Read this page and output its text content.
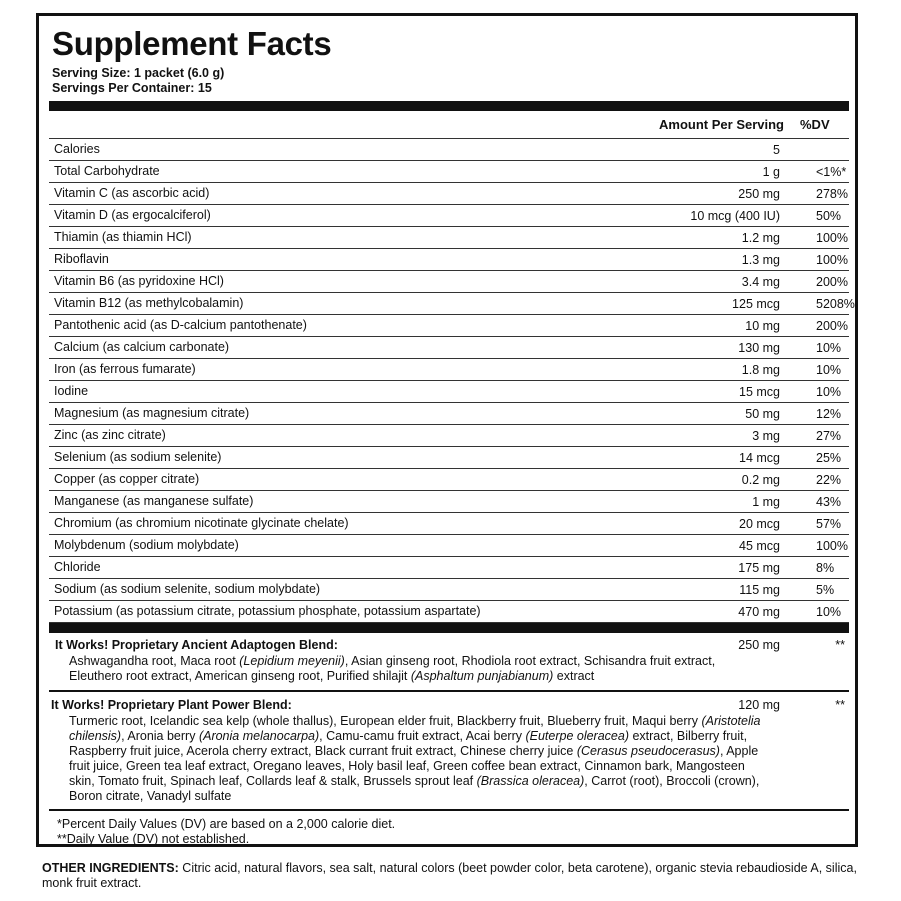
Supplement Facts
Serving Size: 1 packet (6.0 g)
Servings Per Container: 15
Amount Per Serving %DV
Calories	5
Total Carbohydrate	1 g	<1%*
Vitamin C (as ascorbic acid)	250 mg	278%
Vitamin D (as ergocalciferol)	10 mcg (400 IU)	50%
Thiamin (as thiamin HCl)	1.2 mg	100%
Riboflavin	1.3 mg	100%
Vitamin B6 (as pyridoxine HCl)	3.4 mg	200%
Vitamin B12 (as methylcobalamin)	125 mcg	5208%
Pantothenic acid (as D-calcium pantothenate)	10 mg	200%
Calcium (as calcium carbonate)	130 mg	10%
Iron (as ferrous fumarate)	1.8 mg	10%
Iodine	15 mcg	10%
Magnesium (as magnesium citrate)	50 mg	12%
Zinc (as zinc citrate)	3 mg	27%
Selenium (as sodium selenite)	14 mcg	25%
Copper (as copper citrate)	0.2 mg	22%
Manganese (as manganese sulfate)	1 mg	43%
Chromium (as chromium nicotinate glycinate chelate)	20 mcg	57%
Molybdenum (sodium molybdate)	45 mcg	100%
Chloride	175 mg	8%
Sodium (as sodium selenite, sodium molybdate)	115 mg	5%
Potassium (as potassium citrate, potassium phosphate, potassium aspartate)	470 mg	10%
It Works! Proprietary Ancient Adaptogen Blend:	250 mg	**
Ashwagandha root, Maca root (Lepidium meyenii), Asian ginseng root, Rhodiola root extract, Schisandra fruit extract, Eleuthero root extract, American ginseng root, Purified shilajit (Asphaltum punjabianum) extract
It Works! Proprietary Plant Power Blend:	120 mg	**
Turmeric root, Icelandic sea kelp (whole thallus), European elder fruit, Blackberry fruit, Blueberry fruit, Maqui berry (Aristotelia chilensis), Aronia berry (Aronia melanocarpa), Camu-camu fruit extract, Acai berry (Euterpe oleracea) extract, Bilberry fruit, Raspberry fruit juice, Acerola cherry extract, Black currant fruit extract, Chinese cherry juice (Cerasus pseudocerasus), Apple fruit juice, Green tea leaf extract, Oregano leaves, Holy basil leaf, Green coffee bean extract, Cinnamon bark, Mangosteen skin, Tomato fruit, Spinach leaf, Collards leaf & stalk, Brussels sprout leaf (Brassica oleracea), Carrot (root), Broccoli (crown), Boron citrate, Vanadyl sulfate
*Percent Daily Values (DV) are based on a 2,000 calorie diet.
**Daily Value (DV) not established.
OTHER INGREDIENTS: Citric acid, natural flavors, sea salt, natural colors (beet powder color, beta carotene), organic stevia rebaudioside A, silica, monk fruit extract.
